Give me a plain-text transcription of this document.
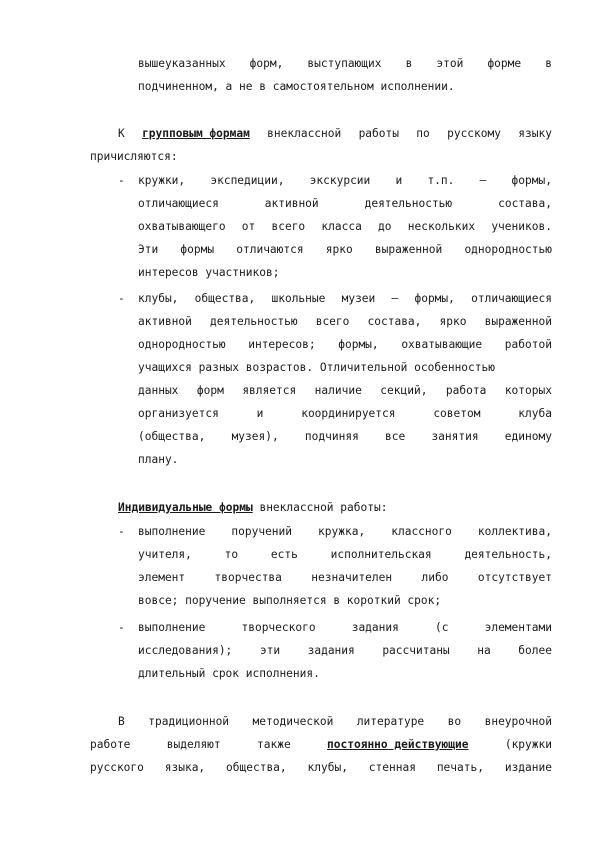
вышеуказанных форм, выступающих в этой форме в
подчиненном, а не в самостоятельном исполнении.
К групповым формам внеклассной работы по русскому языку
причисляются:
- кружки, экспедиции, экскурсии и т.п. – формы,
отличающиеся	активной	деятельностью	состава,
охватывающего от всего класса до нескольких учеников.
Эти формы отличаются ярко выраженной однородностью
интересов участников;
- клубы, общества, школьные музеи – формы, отличающиеся
активной деятельностью всего состава, ярко выраженной
однородностью интересов; формы, охватывающие работой
учащихся разных возрастов. Отличительной особенностью
данных форм является наличие секций, работа которых
организуется	и	координируется	советом	клуба
(общества, музея), подчиняя все занятия единому
плану.
Индивидуальные формы внеклассной работы:
- выполнение поручений кружка, классного коллектива,
учителя,	то	есть	исполнительская	деятельность,
элемент	творчества	незначителен	либо	отсутствует
вовсе; поручение выполняется в короткий срок;
- выполнение	творческого	задания	(с	элементами
исследования); эти задания рассчитаны на более
длительный срок исполнения.
В традиционной методической литературе во внеурочной
работе	выделяют	также	постоянно действующие	(кружки
русского языка, общества, клубы, стенная печать, издание
